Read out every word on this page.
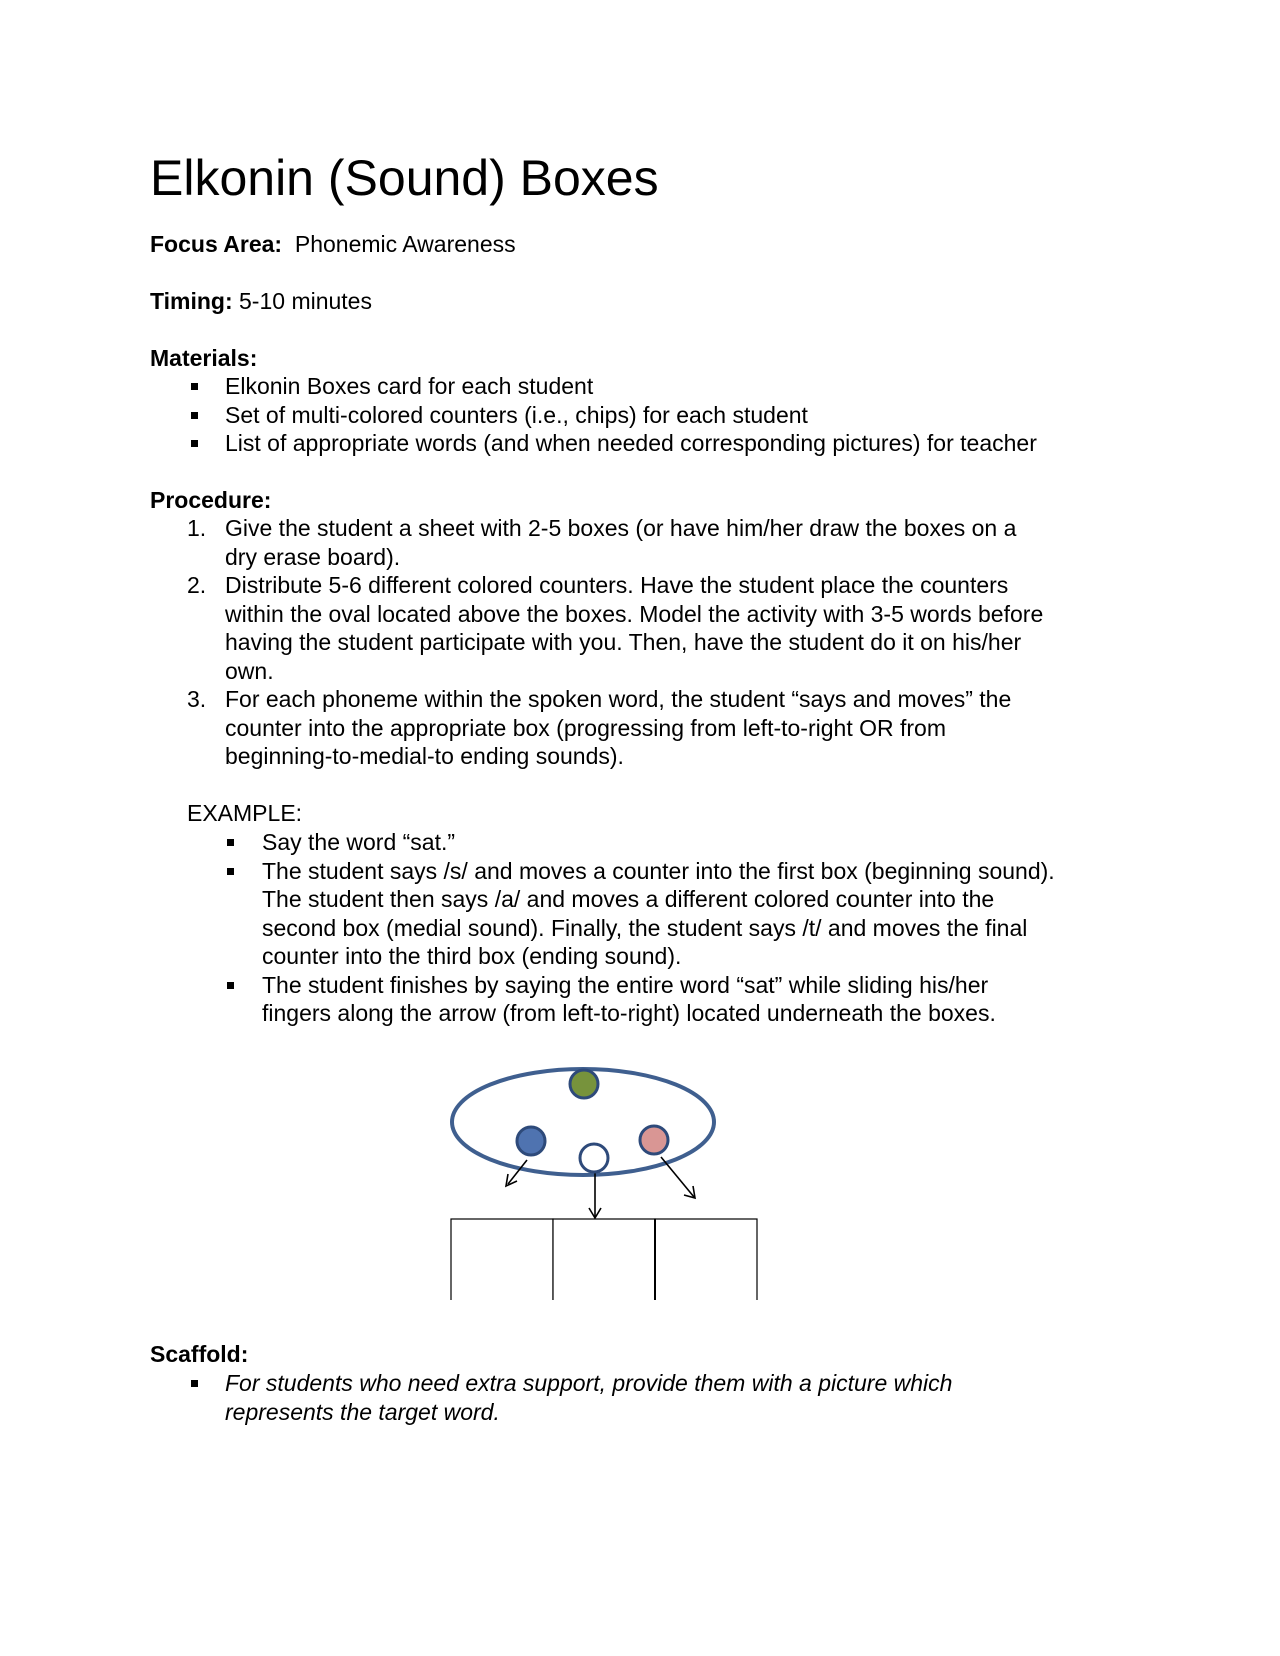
Elkonin (Sound) Boxes
Focus Area: Phonemic Awareness
Timing: 5-10 minutes
Materials:
Elkonin Boxes card for each student
Set of multi-colored counters (i.e., chips) for each student
List of appropriate words (and when needed corresponding pictures) for teacher
Procedure:
1. Give the student a sheet with 2-5 boxes (or have him/her draw the boxes on a
dry erase board).
2. Distribute 5-6 different colored counters. Have the student place the counters
within the oval located above the boxes. Model the activity with 3-5 words before
having the student participate with you. Then, have the student do it on his/her
own.
3. For each phoneme within the spoken word, the student “says and moves” the
counter into the appropriate box (progressing from left-to-right OR from
beginning-to-medial-to ending sounds).
EXAMPLE:
Say the word “sat.”
The student says /s/ and moves a counter into the first box (beginning sound).
The student then says /a/ and moves a different colored counter into the
second box (medial sound). Finally, the student says /t/ and moves the final
counter into the third box (ending sound).
The student finishes by saying the entire word “sat” while sliding his/her
fingers along the arrow (from left-to-right) located underneath the boxes.
Scaffold:
For students who need extra support, provide them with a picture which
represents the target word.
